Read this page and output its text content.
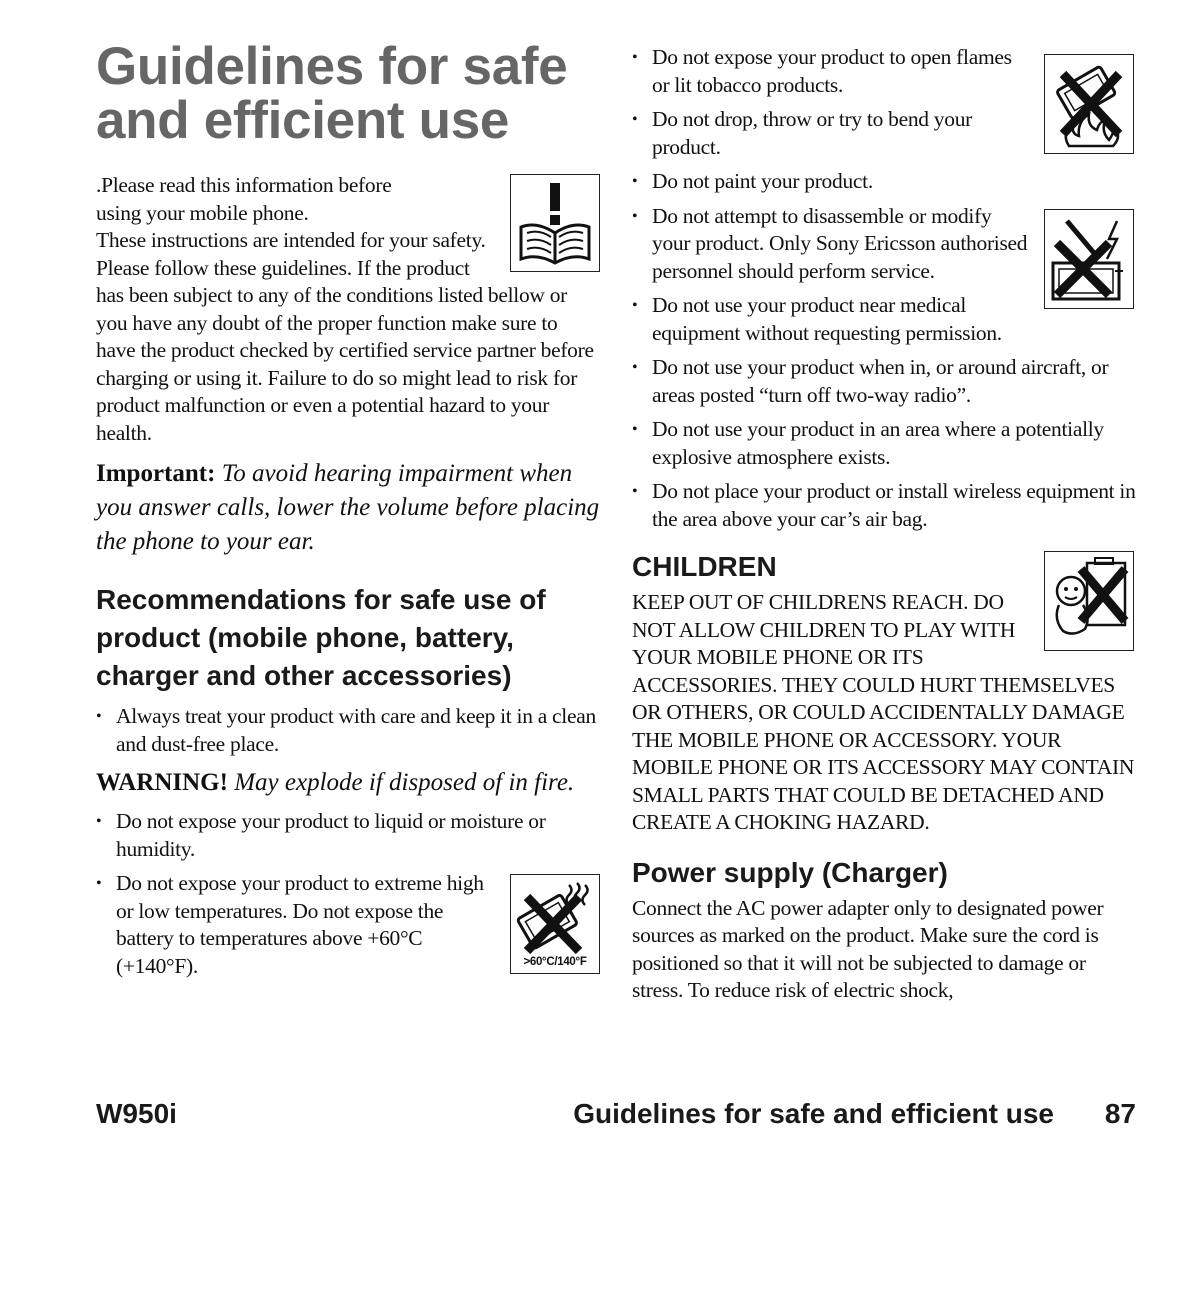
Guidelines for safe
and efficient use

.Please read this information before
using your mobile phone.
These instructions are intended for your safety. Please follow these guidelines. If the product has been subject to any of the conditions listed bellow or you have any doubt of the proper function make sure to have the product checked by certified service partner before charging or using it. Failure to do so might lead to risk for product malfunction or even a potential hazard to your health.

Important: To avoid hearing impairment when you answer calls, lower the volume before placing the phone to your ear.

Recommendations for safe use of product (mobile phone, battery, charger and other accessories)
• Always treat your product with care and keep it in a clean and dust-free place.

WARNING! May explode if disposed of in fire.

• Do not expose your product to liquid or moisture or humidity.
• >60°C/140°F
Do not expose your product to extreme high or low temperatures. Do not expose the battery to temperatures above +60°C (+140°F).
• Do not expose your product to open flames or lit tobacco products.
• Do not drop, throw or try to bend your product.
• Do not paint your product.
• Do not attempt to disassemble or modify your product. Only Sony Ericsson authorised personnel should perform service.
• Do not use your product near medical equipment without requesting permission.
• Do not use your product when in, or around aircraft, or areas posted “turn off two-way radio”.
• Do not use your product in an area where a potentially explosive atmosphere exists.
• Do not place your product or install wireless equipment in the area above your car’s air bag.
CHILDREN

KEEP OUT OF CHILDRENS REACH. DO NOT ALLOW CHILDREN TO PLAY WITH YOUR MOBILE PHONE OR ITS ACCESSORIES. THEY COULD HURT THEMSELVES OR OTHERS, OR COULD ACCIDENTALLY DAMAGE THE MOBILE PHONE OR ACCESSORY. YOUR MOBILE PHONE OR ITS ACCESSORY MAY CONTAIN SMALL PARTS THAT COULD BE DETACHED AND CREATE A CHOKING HAZARD.

Power supply (Charger)

Connect the AC power adapter only to designated power sources as marked on the product. Make sure the cord is positioned so that it will not be subjected to damage or stress. To reduce risk of electric shock,

W950i	Guidelines for safe and efficient use 87
